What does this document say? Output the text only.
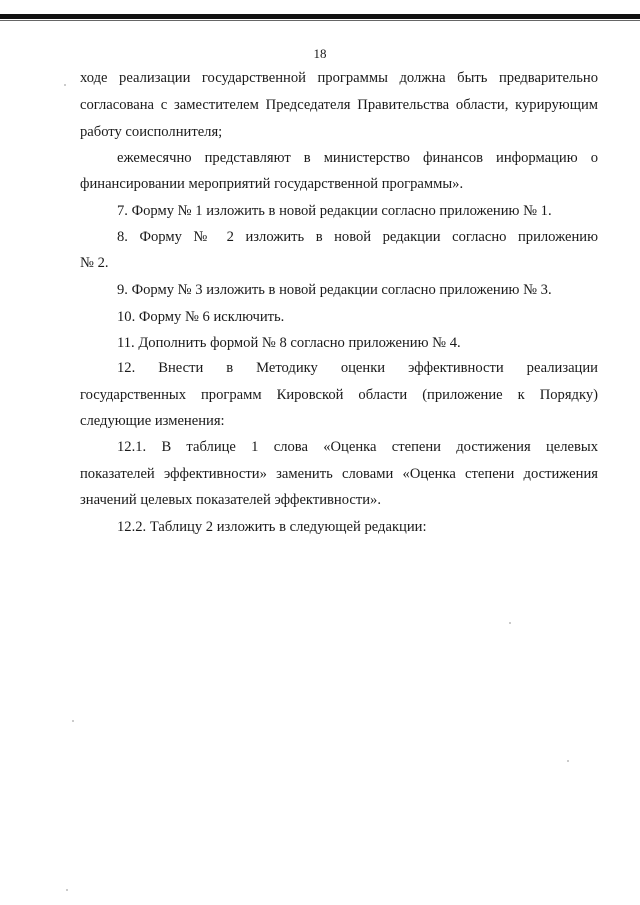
18
ходе реализации государственной программы должна быть предварительно
согласована с заместителем Председателя Правительства области, курирующим
работу соисполнителя;
ежемесячно представляют в министерство финансов информацию о
финансировании мероприятий государственной программы».
7. Форму № 1 изложить в новой редакции согласно приложению № 1.
8. Форму № 2 изложить в новой редакции согласно приложению
№ 2.
9. Форму № 3 изложить в новой редакции согласно приложению № 3.
10. Форму № 6 исключить.
11. Дополнить формой № 8 согласно приложению № 4.
12. Внести в Методику оценки эффективности реализации
государственных программ Кировской области (приложение к Порядку)
следующие изменения:
12.1. В таблице 1 слова «Оценка степени достижения целевых
показателей эффективности» заменить словами «Оценка степени достижения
значений целевых показателей эффективности».
12.2. Таблицу 2 изложить в следующей редакции:
